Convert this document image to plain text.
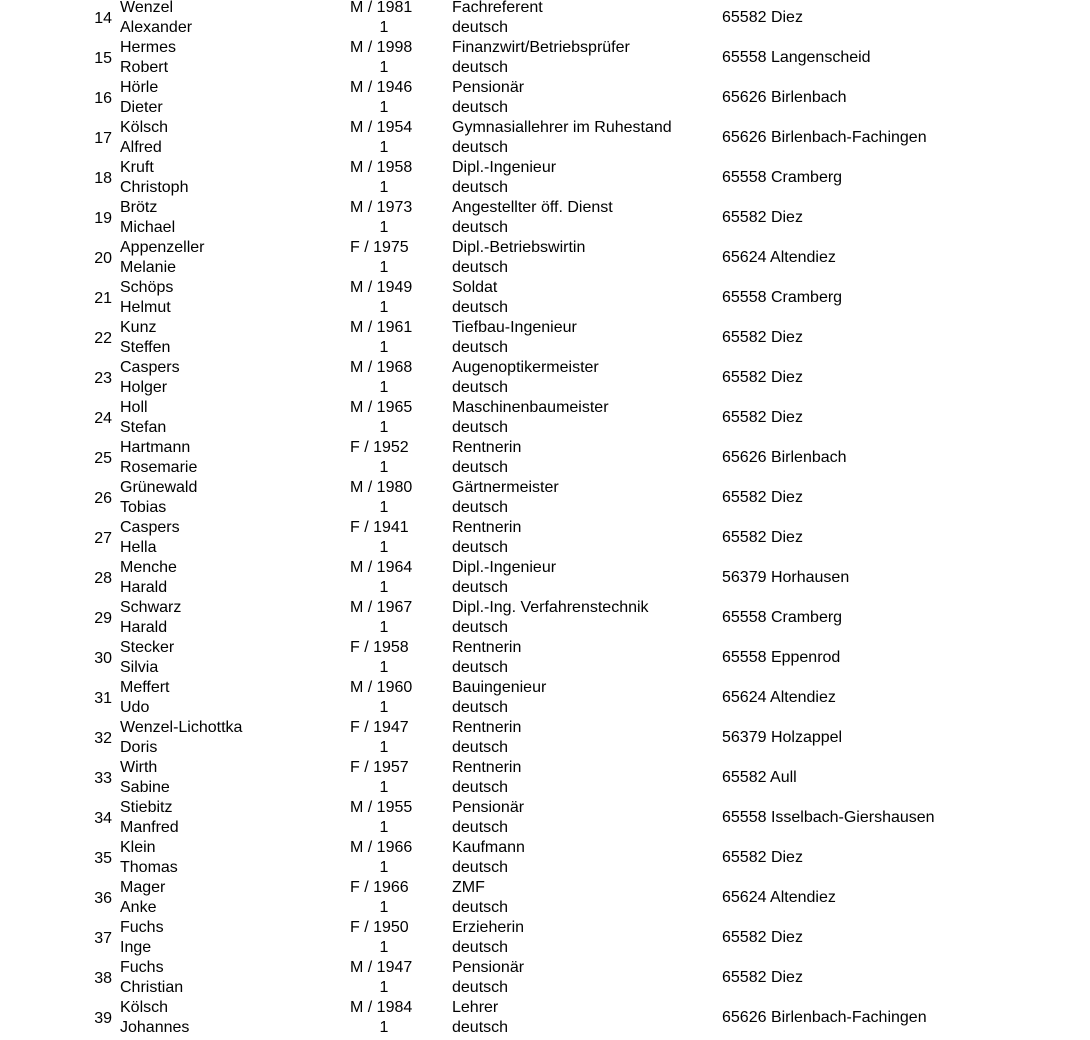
14
Wenzel
Alexander
M / 1981
1
Fachreferent
deutsch
65582 Diez
15
Hermes
Robert
M / 1998
1
Finanzwirt/Betriebsprüfer
deutsch
65558 Langenscheid
16
Hörle
Dieter
M / 1946
1
Pensionär
deutsch
65626 Birlenbach
17
Kölsch
Alfred
M / 1954
1
Gymnasiallehrer im Ruhestand
deutsch
65626 Birlenbach-Fachingen
18
Kruft
Christoph
M / 1958
1
Dipl.-Ingenieur
deutsch
65558 Cramberg
19
Brötz
Michael
M / 1973
1
Angestellter öff. Dienst
deutsch
65582 Diez
20
Appenzeller
Melanie
F / 1975
1
Dipl.-Betriebswirtin
deutsch
65624 Altendiez
21
Schöps
Helmut
M / 1949
1
Soldat
deutsch
65558 Cramberg
22
Kunz
Steffen
M / 1961
1
Tiefbau-Ingenieur
deutsch
65582 Diez
23
Caspers
Holger
M / 1968
1
Augenoptikermeister
deutsch
65582 Diez
24
Holl
Stefan
M / 1965
1
Maschinenbaumeister
deutsch
65582 Diez
25
Hartmann
Rosemarie
F / 1952
1
Rentnerin
deutsch
65626 Birlenbach
26
Grünewald
Tobias
M / 1980
1
Gärtnermeister
deutsch
65582 Diez
27
Caspers
Hella
F / 1941
1
Rentnerin
deutsch
65582 Diez
28
Menche
Harald
M / 1964
1
Dipl.-Ingenieur
deutsch
56379 Horhausen
29
Schwarz
Harald
M / 1967
1
Dipl.-Ing. Verfahrenstechnik
deutsch
65558 Cramberg
30
Stecker
Silvia
F / 1958
1
Rentnerin
deutsch
65558 Eppenrod
31
Meffert
Udo
M / 1960
1
Bauingenieur
deutsch
65624 Altendiez
32
Wenzel-Lichottka
Doris
F / 1947
1
Rentnerin
deutsch
56379 Holzappel
33
Wirth
Sabine
F / 1957
1
Rentnerin
deutsch
65582 Aull
34
Stiebitz
Manfred
M / 1955
1
Pensionär
deutsch
65558 Isselbach-Giershausen
35
Klein
Thomas
M / 1966
1
Kaufmann
deutsch
65582 Diez
36
Mager
Anke
F / 1966
1
ZMF
deutsch
65624 Altendiez
37
Fuchs
Inge
F / 1950
1
Erzieherin
deutsch
65582 Diez
38
Fuchs
Christian
M / 1947
1
Pensionär
deutsch
65582 Diez
39
Kölsch
Johannes
M / 1984
1
Lehrer
deutsch
65626 Birlenbach-Fachingen
